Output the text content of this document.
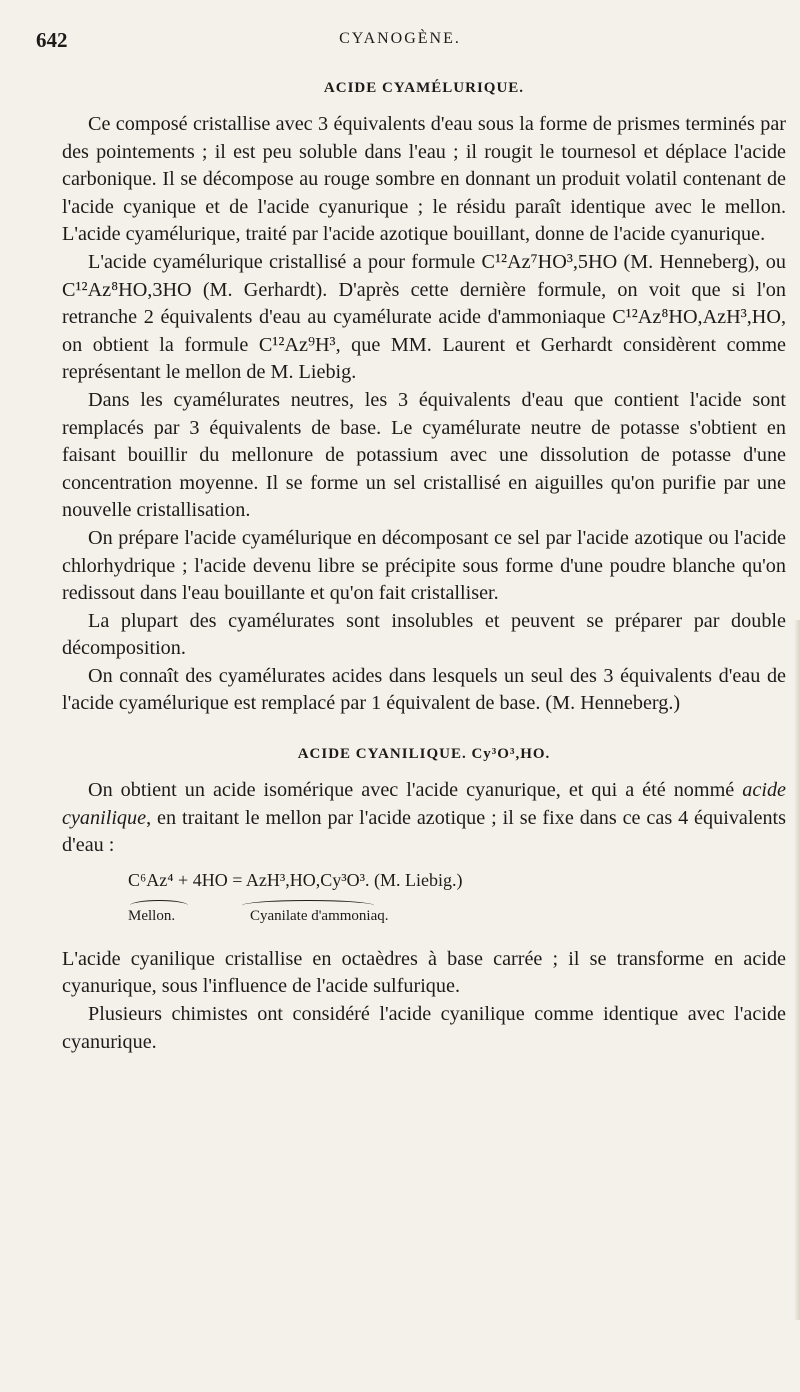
642	CYANOGÈNE.
ACIDE CYAMÉLURIQUE.

Ce composé cristallise avec 3 équivalents d'eau sous la forme de prismes terminés par des pointements ; il est peu soluble dans l'eau ; il rougit le tournesol et déplace l'acide carbonique. Il se décompose au rouge sombre en donnant un produit volatil contenant de l'acide cyanique et de l'acide cyanurique ; le résidu paraît identique avec le mellon. L'acide cyamélurique, traité par l'acide azotique bouillant, donne de l'acide cyanurique.

L'acide cyamélurique cristallisé a pour formule C¹²Az⁷HO³,5HO (M. Henneberg), ou C¹²Az⁸HO,3HO (M. Gerhardt). D'après cette dernière formule, on voit que si l'on retranche 2 équivalents d'eau au cyamélurate acide d'ammoniaque C¹²Az⁸HO,AzH³,HO, on obtient la formule C¹²Az⁹H³, que MM. Laurent et Gerhardt considèrent comme représentant le mellon de M. Liebig.

Dans les cyamélurates neutres, les 3 équivalents d'eau que contient l'acide sont remplacés par 3 équivalents de base. Le cyamélurate neutre de potasse s'obtient en faisant bouillir du mellonure de potassium avec une dissolution de potasse d'une concentration moyenne. Il se forme un sel cristallisé en aiguilles qu'on purifie par une nouvelle cristallisation.

On prépare l'acide cyamélurique en décomposant ce sel par l'acide azotique ou l'acide chlorhydrique ; l'acide devenu libre se précipite sous forme d'une poudre blanche qu'on redissout dans l'eau bouillante et qu'on fait cristalliser.

La plupart des cyamélurates sont insolubles et peuvent se préparer par double décomposition.

On connaît des cyamélurates acides dans lesquels un seul des 3 équivalents d'eau de l'acide cyamélurique est remplacé par 1 équivalent de base. (M. Henneberg.)

ACIDE CYANILIQUE. Cy³O³,HO.

On obtient un acide isomérique avec l'acide cyanurique, et qui a été nommé acide cyanilique, en traitant le mellon par l'acide azotique ; il se fixe dans ce cas 4 équivalents d'eau :

C⁶Az⁴ + 4HO = AzH³,HO,Cy³O³. (M. Liebig.)
Mellon.	Cyanilate d'ammoniaq.

L'acide cyanilique cristallise en octaèdres à base carrée ; il se transforme en acide cyanurique, sous l'influence de l'acide sulfurique.

Plusieurs chimistes ont considéré l'acide cyanilique comme identique avec l'acide cyanurique.
